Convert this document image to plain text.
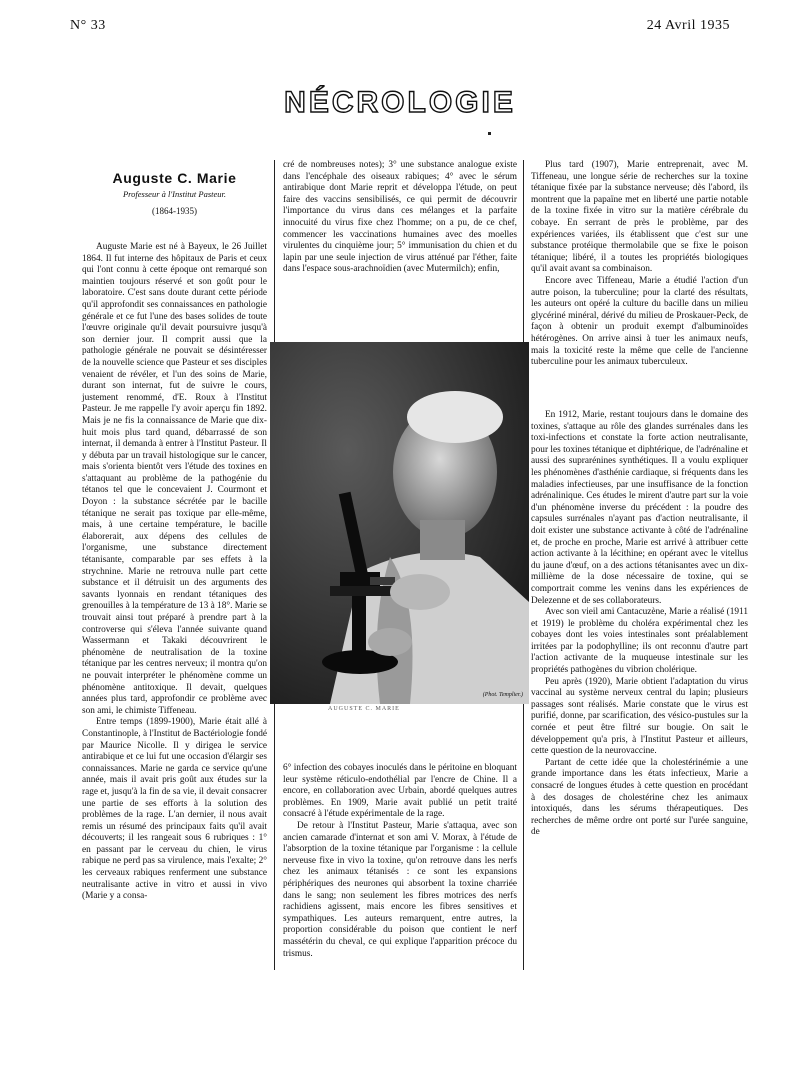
N° 33	24 Avril 1935
NÉCROLOGIE
Auguste C. Marie
Professeur à l'Institut Pasteur.
(1864-1935)

Auguste Marie est né à Bayeux, le 26 Juillet 1864. Il fut interne des hôpitaux de Paris et ceux qui l'ont connu à cette époque ont remarqué son maintien toujours réservé et son goût pour le laboratoire. C'est sans doute durant cette période qu'il approfondit ses connaissances en pathologie générale et ce fut l'une des bases solides de toute l'œuvre originale qu'il devait poursuivre jusqu'à son dernier jour. Il comprit aussi que la pathologie générale ne pouvait se désintéresser de la nouvelle science que Pasteur et ses disciples venaient de révéler, et l'un des soins de Marie, durant son internat, fut de suivre le cours, justement renommé, d'E. Roux à l'Institut Pasteur. Je me rappelle l'y avoir aperçu fin 1892. Mais je ne fis la connaissance de Marie que dix-huit mois plus tard quand, débarrassé de son internat, il demanda à entrer à l'Institut Pasteur. Il y débuta par un travail histologique sur le cancer, mais s'orienta bientôt vers l'étude des toxines en s'attaquant au problème de la pathogénie du tétanos tel que le concevaient J. Courmont et Doyon : la substance sécrétée par le bacille tétanique ne serait pas toxique par elle-même, mais, à une certaine température, le bacille élaborerait, aux dépens des cellules de l'organisme, une substance directement tétanisante, comparable par ses effets à la strychnine. Marie ne retrouva nulle part cette substance et il détruisit un des arguments des savants lyonnais en rendant tétaniques des grenouilles à la température de 13 à 18°. Marie se trouvait ainsi tout préparé à prendre part à la controverse qui s'éleva l'année suivante quand Wassermann et Takaki découvrirent le phénomène de neutralisation de la toxine tétanique par les centres nerveux; il montra qu'on ne pouvait interpréter le phénomène comme un phénomène antitoxique. Il devait, quelques années plus tard, approfondir ce problème avec son ami, le chimiste Tiffeneau.

Entre temps (1899-1900), Marie était allé à Constantinople, à l'Institut de Bactériologie fondé par Maurice Nicolle. Il y dirigea le service antirabique et ce lui fut une occasion d'élargir ses connaissances. Marie ne garda ce service qu'une année, mais il avait pris goût aux études sur la rage et, jusqu'à la fin de sa vie, il devait consacrer une partie de ses efforts à la solution des problèmes de la rage. L'an dernier, il nous avait remis un résumé des principaux faits qu'il avait découverts; il les rangeait sous 6 rubriques : 1° en passant par le cerveau du chien, le virus rabique ne perd pas sa virulence, mais l'exalte; 2° les cerveaux rabiques renferment une substance neutralisante active in vitro et aussi in vivo (Marie y a consa-

cré de nombreuses notes); 3° une substance analogue existe dans l'encéphale des oiseaux rabiques; 4° avec le sérum antirabique dont Marie reprit et développa l'étude, on peut faire des vaccins sensibilisés, ce qui permit de découvrir l'importance du virus dans ces mélanges et la parfaite innocuité du virus fixe chez l'homme; on a pu, de ce chef, commencer les vaccinations humaines avec des moelles virulentes du cinquième jour; 5° immunisation du chien et du lapin par une seule injection de virus atténué par l'éther, faite dans l'espace sous-arachnoïdien (avec Mutermilch); enfin,

(Phot. Templier.)
AUGUSTE C. MARIE

6° infection des cobayes inoculés dans le péritoine en bloquant leur système réticulo-endothélial par l'encre de Chine. Il a encore, en collaboration avec Urbain, abordé quelques autres problèmes. En 1909, Marie avait publié un petit traité consacré à l'étude expérimentale de la rage.

De retour à l'Institut Pasteur, Marie s'attaqua, avec son ancien camarade d'internat et son ami V. Morax, à l'étude de l'absorption de la toxine tétanique par l'organisme : la cellule nerveuse fixe in vivo la toxine, qu'on retrouve dans les nerfs chez les animaux tétanisés : ce sont les expansions périphériques des neurones qui absorbent la toxine charriée dans le sang; non seulement les fibres motrices des nerfs rachidiens agissent, mais encore les fibres sensitives et sympathiques. Les auteurs remarquent, entre autres, la proportion considérable du poison que contient le nerf massétérin du cheval, ce qui explique l'apparition précoce du trismus.

Plus tard (1907), Marie entreprenait, avec M. Tiffeneau, une longue série de recherches sur la toxine tétanique fixée par la substance nerveuse; dès l'abord, ils montrent que la papaïne met en liberté une partie notable de la toxine fixée in vitro sur la matière cérébrale du cobaye. En serrant de près le problème, par des expériences variées, ils établissent que c'est sur une substance protéique thermolabile que se fixe le poison tétanique; libéré, il a toutes les propriétés biologiques qu'il avait avant sa combinaison.

Encore avec Tiffeneau, Marie a étudié l'action d'un autre poison, la tuberculine; pour la clarté des résultats, les auteurs ont opéré la culture du bacille dans un milieu glycériné minéral, dérivé du milieu de Proskauer-Peck, de façon à obtenir un produit exempt d'albuminoïdes hétérogènes. On arrive ainsi à tuer les animaux neufs, mais la toxicité reste la même que celle de l'ancienne tuberculine pour les animaux tuberculeux.

En 1912, Marie, restant toujours dans le domaine des toxines, s'attaque au rôle des glandes surrénales dans les toxi-infections et constate la forte action neutralisante, pour les toxines tétanique et diphtérique, de l'adrénaline et aussi des suprarénines synthétiques. Il a voulu expliquer les phénomènes d'asthénie cardiaque, si fréquents dans les maladies infectieuses, par une insuffisance de la fonction adrénalinique. Ces études le mirent d'autre part sur la voie d'un phénomène inverse du précédent : la poudre des capsules surrénales n'ayant pas d'action neutralisante, il doit exister une substance activante à côté de l'adrénaline et, de proche en proche, Marie est arrivé à attribuer cette action activante à la lécithine; en opérant avec le vitellus du jaune d'œuf, on a des actions tétanisantes avec un dix-millième de la dose nécessaire de toxine, qui se comportrait comme les venins dans les expériences de Delezenne et de ses collaborateurs.

Avec son vieil ami Cantacuzène, Marie a réalisé (1911 et 1919) le problème du choléra expérimental chez les cobayes dont les voies intestinales sont préalablement irritées par la podophylline; ils ont reconnu d'autre part l'action activante de la muqueuse intestinale sur les propriétés pathogènes du vibrion cholérique.

Peu après (1920), Marie obtient l'adaptation du virus vaccinal au système nerveux central du lapin; plusieurs passages sont réalisés. Marie constate que le virus est purifié, donne, par scarification, des vésico-pustules sur la cornée et peut être filtré sur bougie. On sait le développement qu'a pris, à l'Institut Pasteur et ailleurs, cette question de la neurovaccine.

Partant de cette idée que la cholestérinémie a une grande importance dans les états infectieux, Marie a consacré de longues études à cette question en procédant à des dosages de cholestérine chez les animaux intoxiqués, dans les sérums thérapeutiques. Des recherches de même ordre ont porté sur l'urée sanguine, de
